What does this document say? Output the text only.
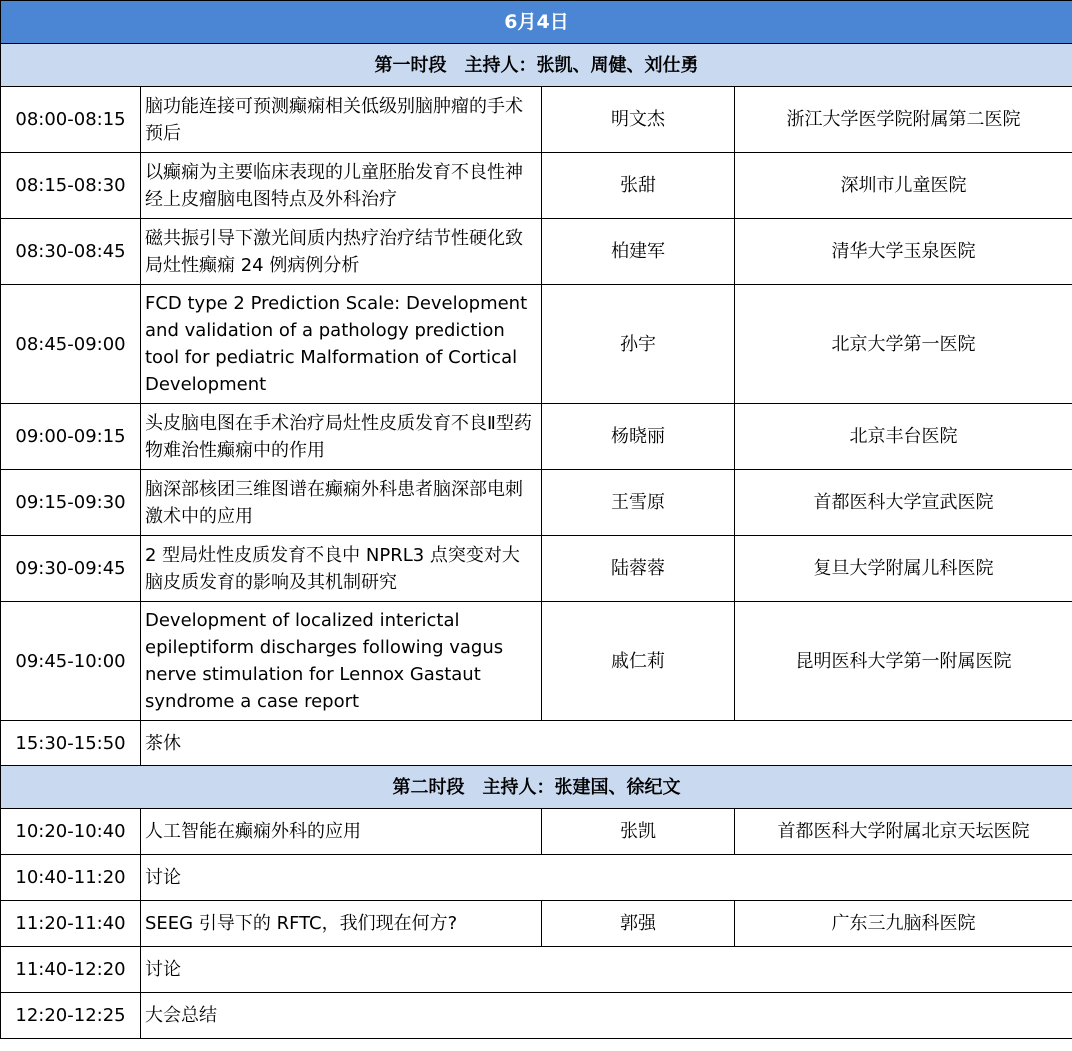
6月4日			
第一时段　主持人：张凯、周健、刘仕勇			
08:00-08:15	脑功能连接可预测癫痫相关低级别脑肿瘤的手术预后	明文杰	浙江大学医学院附属第二医院
08:15-08:30	以癫痫为主要临床表现的儿童胚胎发育不良性神经上皮瘤脑电图特点及外科治疗	张甜	深圳市儿童医院
08:30-08:45	磁共振引导下激光间质内热疗治疗结节性硬化致局灶性癫痫 24 例病例分析	柏建军	清华大学玉泉医院
08:45-09:00	FCD type 2 Prediction Scale: Development and validation of a pathology prediction tool for pediatric Malformation of Cortical Development	孙宇	北京大学第一医院
09:00-09:15	头皮脑电图在手术治疗局灶性皮质发育不良Ⅱ型药物难治性癫痫中的作用	杨晓丽	北京丰台医院
09:15-09:30	脑深部核团三维图谱在癫痫外科患者脑深部电刺激术中的应用	王雪原	首都医科大学宣武医院
09:30-09:45	2 型局灶性皮质发育不良中 NPRL3 点突变对大脑皮质发育的影响及其机制研究	陆蓉蓉	复旦大学附属儿科医院
09:45-10:00	Development of localized interictal epileptiform discharges following vagus nerve stimulation for Lennox Gastaut syndrome a case report	戚仁莉	昆明医科大学第一附属医院
15:30-15:50	茶休		
第二时段　主持人：张建国、徐纪文			
10:20-10:40	人工智能在癫痫外科的应用	张凯	首都医科大学附属北京天坛医院
10:40-11:20	讨论		
11:20-11:40	SEEG 引导下的 RFTC，我们现在何方?	郭强	广东三九脑科医院
11:40-12:20	讨论		
12:20-12:25	大会总结		
